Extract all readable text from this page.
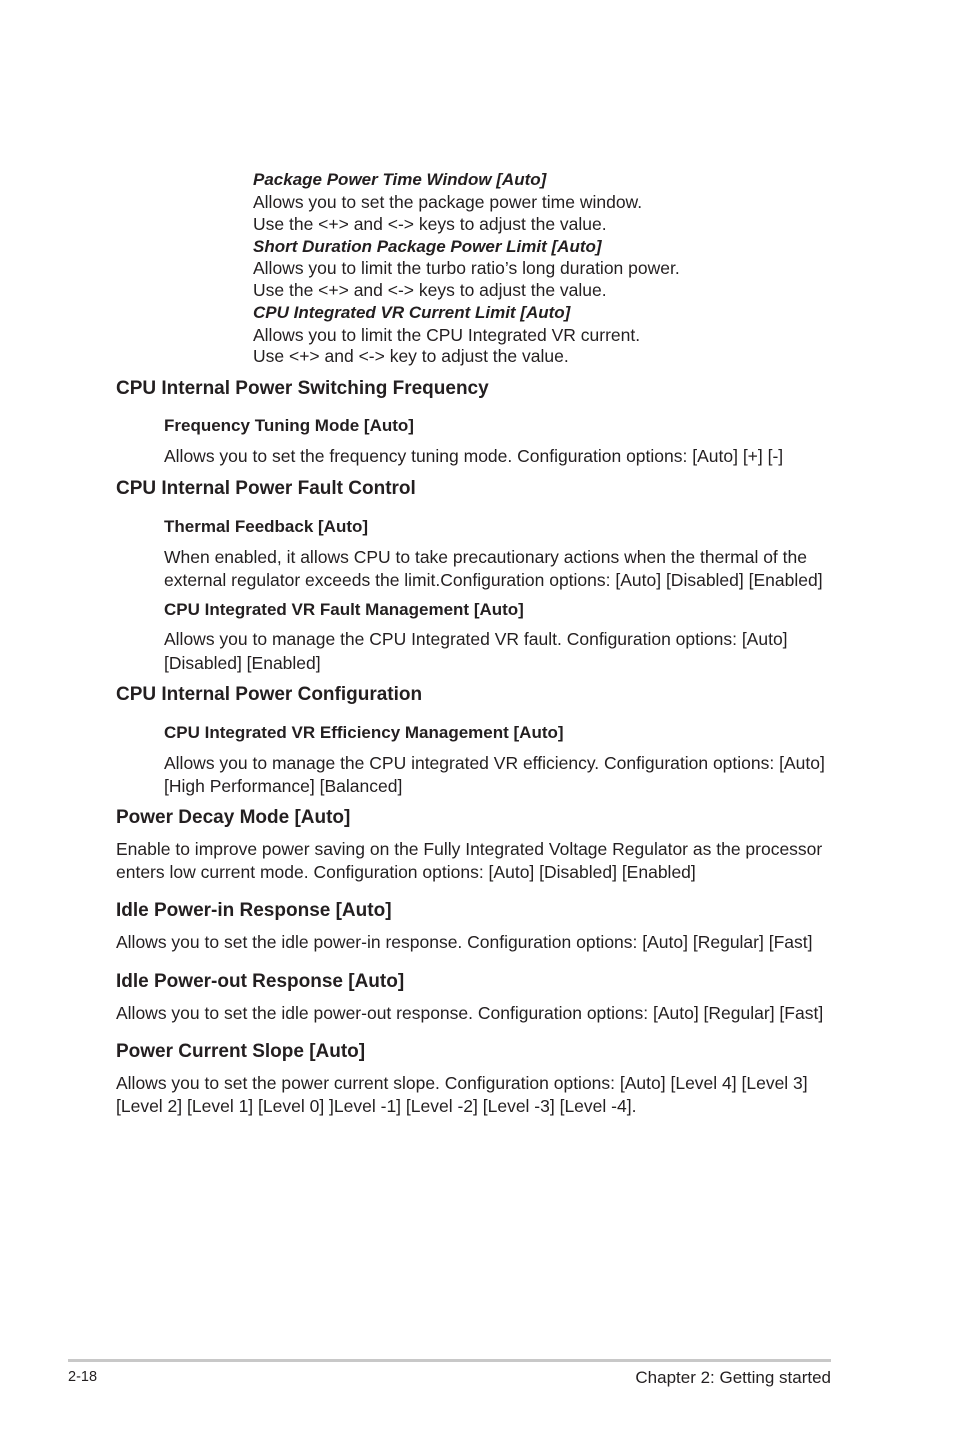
Package Power Time Window [Auto]
Allows you to set the package power time window.
Use the <+> and <-> keys to adjust the value.
Short Duration Package Power Limit [Auto]
Allows you to limit the turbo ratio’s long duration power.
Use the <+> and <-> keys to adjust the value.
CPU Integrated VR Current Limit [Auto]
Allows you to limit the CPU Integrated VR current.
Use <+> and <-> key to adjust the value.
CPU Internal Power Switching Frequency
Frequency Tuning Mode [Auto]
Allows you to set the frequency tuning mode. Configuration options: [Auto] [+] [-]
CPU Internal Power Fault Control
Thermal Feedback [Auto]
When enabled, it allows CPU to take precautionary actions when the thermal of the
external regulator exceeds the limit.Configuration options: [Auto] [Disabled] [Enabled]
CPU Integrated VR Fault Management [Auto]
Allows you to manage the CPU Integrated VR fault. Configuration options: [Auto]
[Disabled] [Enabled]
CPU Internal Power Configuration
CPU Integrated VR Efficiency Management [Auto]
Allows you to manage the CPU integrated VR efficiency. Configuration options: [Auto]
[High Performance] [Balanced]
Power Decay Mode [Auto]
Enable to improve power saving on the Fully Integrated Voltage Regulator as the processor
enters low current mode. Configuration options: [Auto] [Disabled] [Enabled]
Idle Power-in Response [Auto]
Allows you to set the idle power-in response. Configuration options: [Auto] [Regular] [Fast]
Idle Power-out Response [Auto]
Allows you to set the idle power-out response. Configuration options: [Auto] [Regular] [Fast]
Power Current Slope [Auto]
Allows you to set the power current slope. Configuration options: [Auto] [Level 4] [Level 3]
[Level 2] [Level 1] [Level 0] ]Level -1] [Level -2] [Level -3] [Level -4].
2-18	Chapter 2: Getting started
